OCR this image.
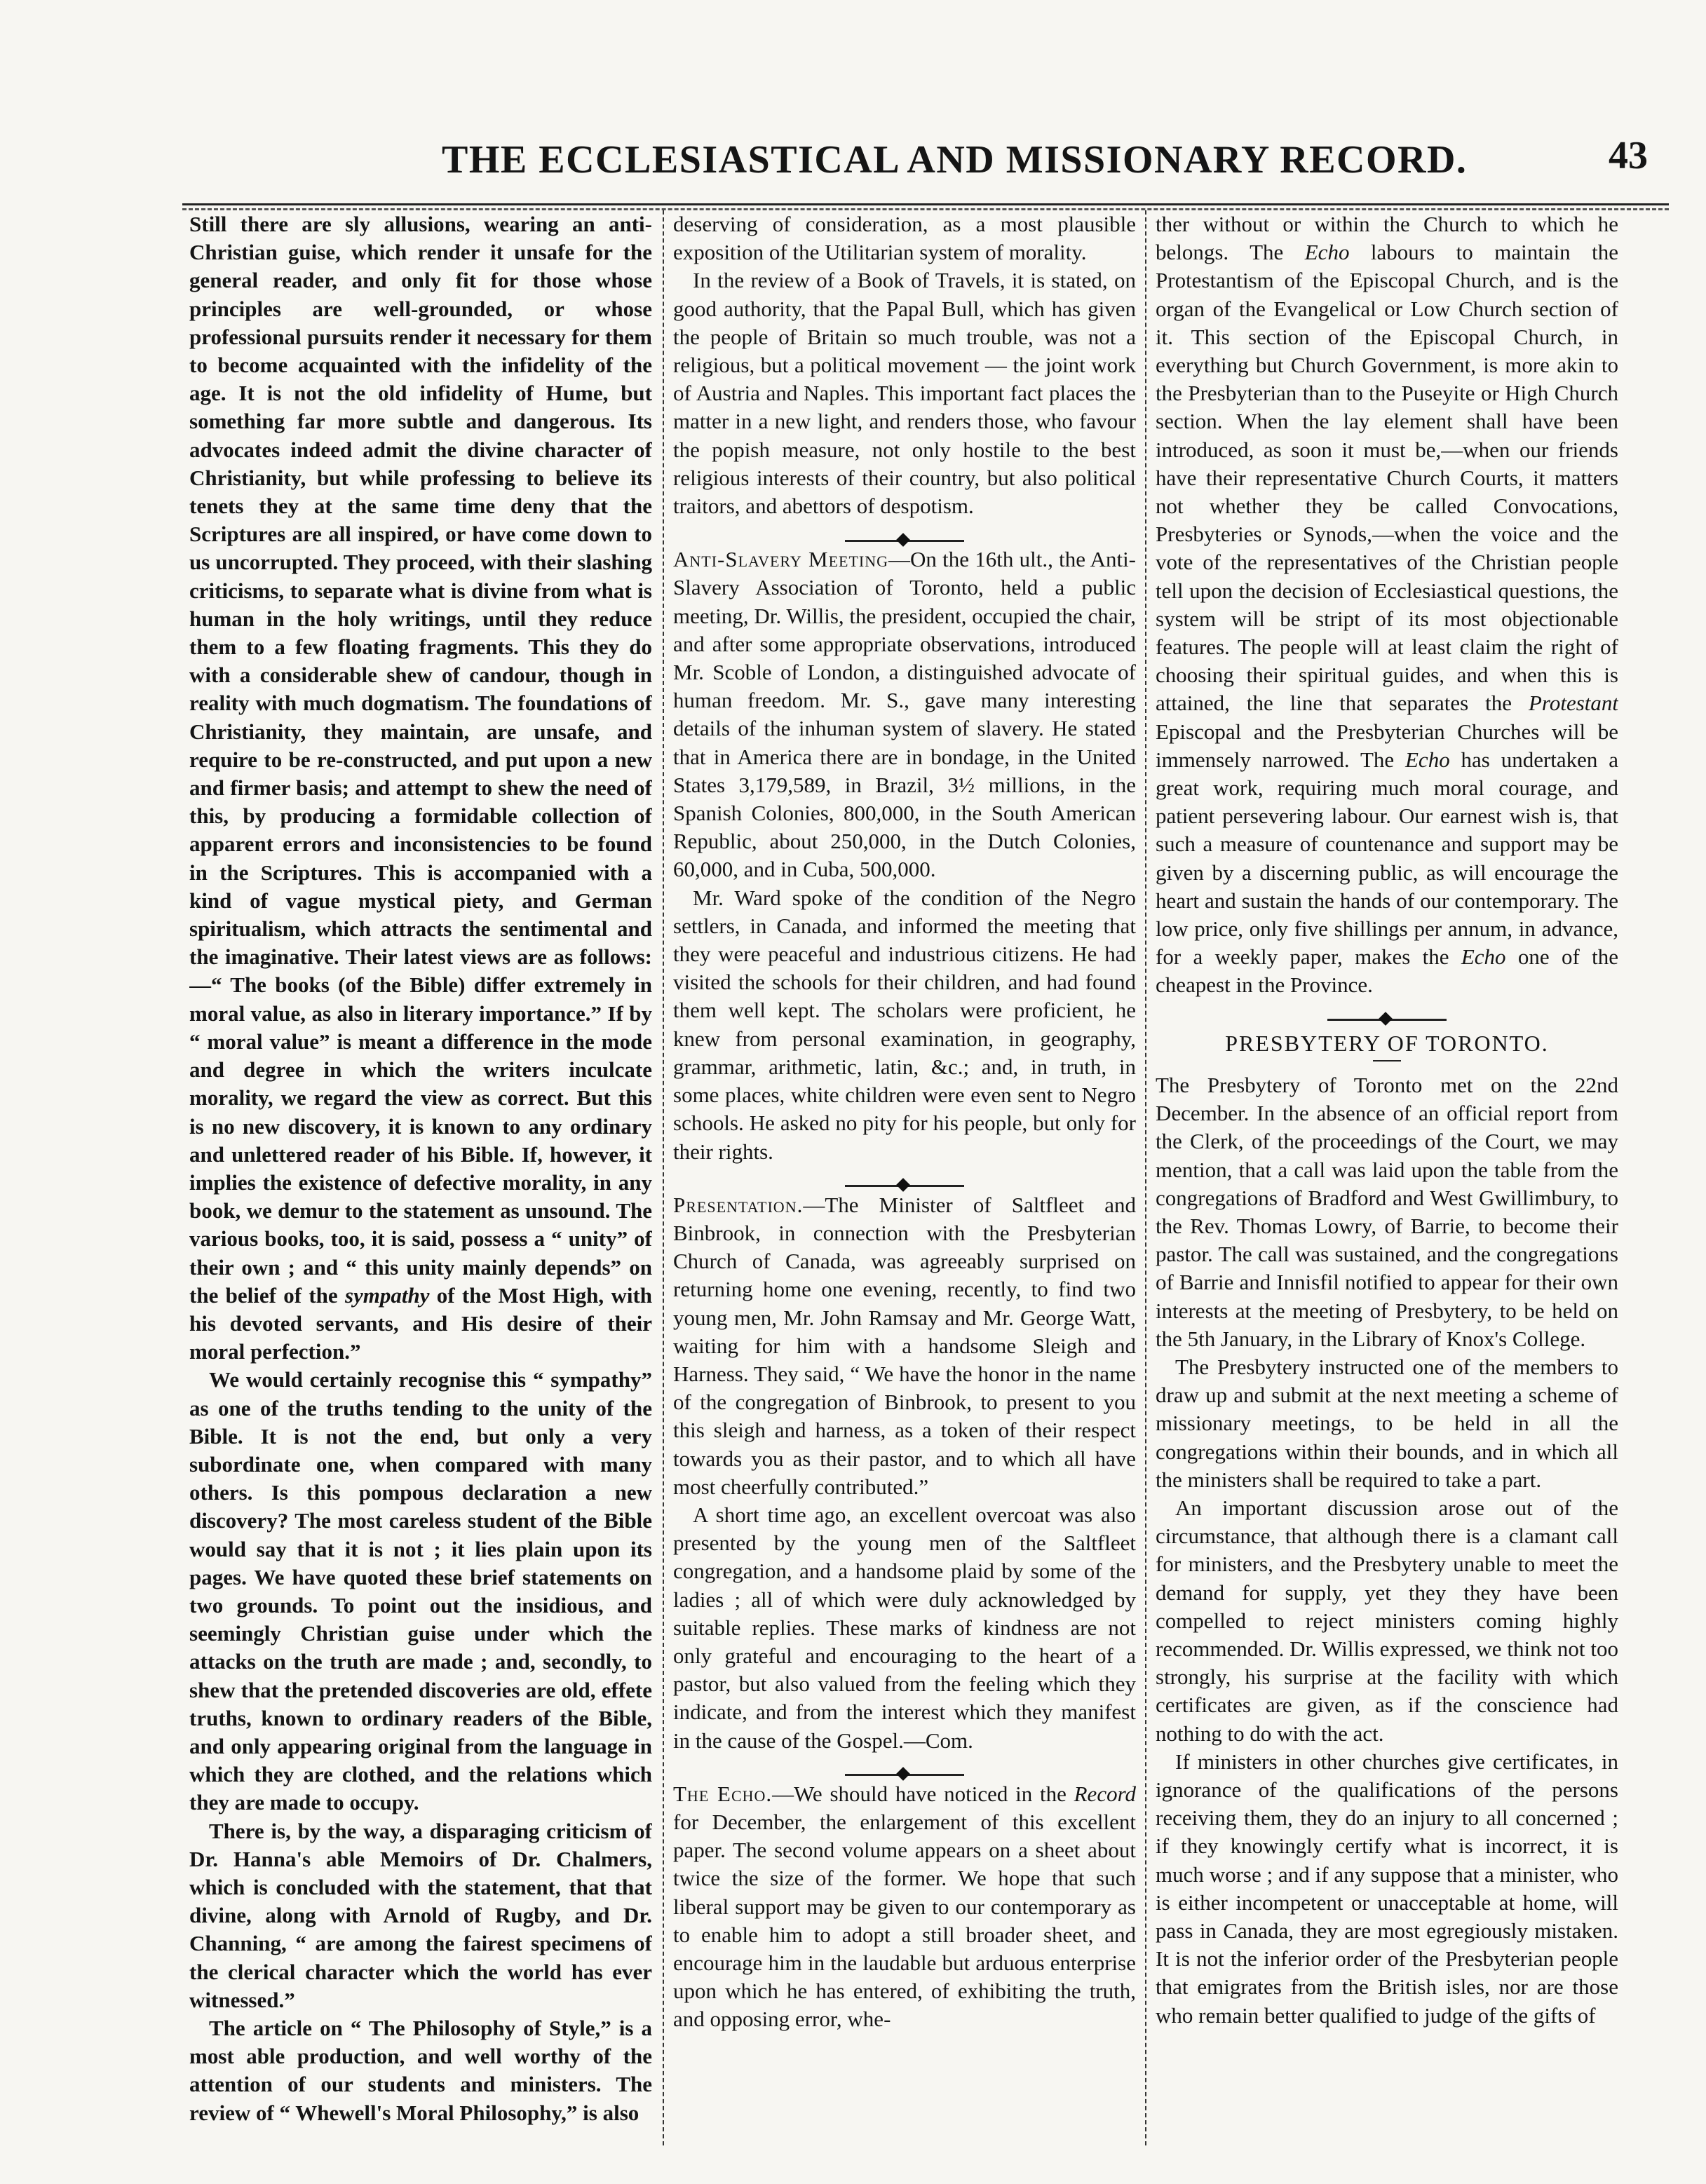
THE ECCLESIASTICAL AND MISSIONARY RECORD.	43

Still there are sly allusions, wearing an anti-Christian guise, which render it unsafe for the general reader, and only fit for those whose principles are well-grounded, or whose professional pursuits render it necessary for them to become acquainted with the infidelity of the age. It is not the old infidelity of Hume, but something far more subtle and dangerous. Its advocates indeed admit the divine character of Christianity, but while professing to believe its tenets they at the same time deny that the Scriptures are all inspired, or have come down to us uncorrupted. They proceed, with their slashing criticisms, to separate what is divine from what is human in the holy writings, until they reduce them to a few floating fragments. This they do with a considerable shew of candour, though in reality with much dogmatism. The foundations of Christianity, they maintain, are unsafe, and require to be re-constructed, and put upon a new and firmer basis; and attempt to shew the need of this, by producing a formidable collection of apparent errors and inconsistencies to be found in the Scriptures. This is accompanied with a kind of vague mystical piety, and German spiritualism, which attracts the sentimental and the imaginative. Their latest views are as follows:—“ The books (of the Bible) differ extremely in moral value, as also in literary importance.” If by “ moral value” is meant a difference in the mode and degree in which the writers inculcate morality, we regard the view as correct. But this is no new discovery, it is known to any ordinary and unlettered reader of his Bible. If, however, it implies the existence of defective morality, in any book, we demur to the statement as unsound. The various books, too, it is said, possess a “ unity” of their own ; and “ this unity mainly depends” on the belief of the sympathy of the Most High, with his devoted servants, and His desire of their moral perfection.”

We would certainly recognise this “ sympathy” as one of the truths tending to the unity of the Bible. It is not the end, but only a very subordinate one, when compared with many others. Is this pompous declaration a new discovery? The most careless student of the Bible would say that it is not ; it lies plain upon its pages. We have quoted these brief statements on two grounds. To point out the insidious, and seemingly Christian guise under which the attacks on the truth are made ; and, secondly, to shew that the pretended discoveries are old, effete truths, known to ordinary readers of the Bible, and only appearing original from the language in which they are clothed, and the relations which they are made to occupy.

There is, by the way, a disparaging criticism of Dr. Hanna's able Memoirs of Dr. Chalmers, which is concluded with the statement, that that divine, along with Arnold of Rugby, and Dr. Channing, “ are among the fairest specimens of the clerical character which the world has ever witnessed.”

The article on “ The Philosophy of Style,” is a most able production, and well worthy of the attention of our students and ministers. The review of “ Whewell's Moral Philosophy,” is also

deserving of consideration, as a most plausible exposition of the Utilitarian system of morality.

In the review of a Book of Travels, it is stated, on good authority, that the Papal Bull, which has given the people of Britain so much trouble, was not a religious, but a political movement — the joint work of Austria and Naples. This important fact places the matter in a new light, and renders those, who favour the popish measure, not only hostile to the best religious interests of their country, but also political traitors, and abettors of despotism.

Anti-Slavery Meeting—On the 16th ult., the Anti-Slavery Association of Toronto, held a public meeting, Dr. Willis, the president, occupied the chair, and after some appropriate observations, introduced Mr. Scoble of London, a distinguished advocate of human freedom. Mr. S., gave many interesting details of the inhuman system of slavery. He stated that in America there are in bondage, in the United States 3,179,589, in Brazil, 3½ millions, in the Spanish Colonies, 800,000, in the South American Republic, about 250,000, in the Dutch Colonies, 60,000, and in Cuba, 500,000.

Mr. Ward spoke of the condition of the Negro settlers, in Canada, and informed the meeting that they were peaceful and industrious citizens. He had visited the schools for their children, and had found them well kept. The scholars were proficient, he knew from personal examination, in geography, grammar, arithmetic, latin, &c.; and, in truth, in some places, white children were even sent to Negro schools. He asked no pity for his people, but only for their rights.

Presentation.—The Minister of Saltfleet and Binbrook, in connection with the Presbyterian Church of Canada, was agreeably surprised on returning home one evening, recently, to find two young men, Mr. John Ramsay and Mr. George Watt, waiting for him with a handsome Sleigh and Harness. They said, “ We have the honor in the name of the congregation of Binbrook, to present to you this sleigh and harness, as a token of their respect towards you as their pastor, and to which all have most cheerfully contributed.”

A short time ago, an excellent overcoat was also presented by the young men of the Saltfleet congregation, and a handsome plaid by some of the ladies ; all of which were duly acknowledged by suitable replies. These marks of kindness are not only grateful and encouraging to the heart of a pastor, but also valued from the feeling which they indicate, and from the interest which they manifest in the cause of the Gospel.—Com.

The Echo.—We should have noticed in the Record for December, the enlargement of this excellent paper. The second volume appears on a sheet about twice the size of the former. We hope that such liberal support may be given to our contemporary as to enable him to adopt a still broader sheet, and encourage him in the laudable but arduous enterprise upon which he has entered, of exhibiting the truth, and opposing error, whe-

ther without or within the Church to which he belongs. The Echo labours to maintain the Protestantism of the Episcopal Church, and is the organ of the Evangelical or Low Church section of it. This section of the Episcopal Church, in everything but Church Government, is more akin to the Presbyterian than to the Puseyite or High Church section. When the lay element shall have been introduced, as soon it must be,—when our friends have their representative Church Courts, it matters not whether they be called Convocations, Presbyteries or Synods,—when the voice and the vote of the representatives of the Christian people tell upon the decision of Ecclesiastical questions, the system will be stript of its most objectionable features. The people will at least claim the right of choosing their spiritual guides, and when this is attained, the line that separates the Protestant Episcopal and the Presbyterian Churches will be immensely narrowed. The Echo has undertaken a great work, requiring much moral courage, and patient persevering labour. Our earnest wish is, that such a measure of countenance and support may be given by a discerning public, as will encourage the heart and sustain the hands of our contemporary. The low price, only five shillings per annum, in advance, for a weekly paper, makes the Echo one of the cheapest in the Province.

PRESBYTERY OF TORONTO.

The Presbytery of Toronto met on the 22nd December. In the absence of an official report from the Clerk, of the proceedings of the Court, we may mention, that a call was laid upon the table from the congregations of Bradford and West Gwillimbury, to the Rev. Thomas Lowry, of Barrie, to become their pastor. The call was sustained, and the congregations of Barrie and Innisfil notified to appear for their own interests at the meeting of Presbytery, to be held on the 5th January, in the Library of Knox's College.

The Presbytery instructed one of the members to draw up and submit at the next meeting a scheme of missionary meetings, to be held in all the congregations within their bounds, and in which all the ministers shall be required to take a part.

An important discussion arose out of the circumstance, that although there is a clamant call for ministers, and the Presbytery unable to meet the demand for supply, yet they they have been compelled to reject ministers coming highly recommended. Dr. Willis expressed, we think not too strongly, his surprise at the facility with which certificates are given, as if the conscience had nothing to do with the act.

If ministers in other churches give certificates, in ignorance of the qualifications of the persons receiving them, they do an injury to all concerned ; if they knowingly certify what is incorrect, it is much worse ; and if any suppose that a minister, who is either incompetent or unacceptable at home, will pass in Canada, they are most egregiously mistaken. It is not the inferior order of the Presbyterian people that emigrates from the British isles, nor are those who remain better qualified to judge of the gifts of
